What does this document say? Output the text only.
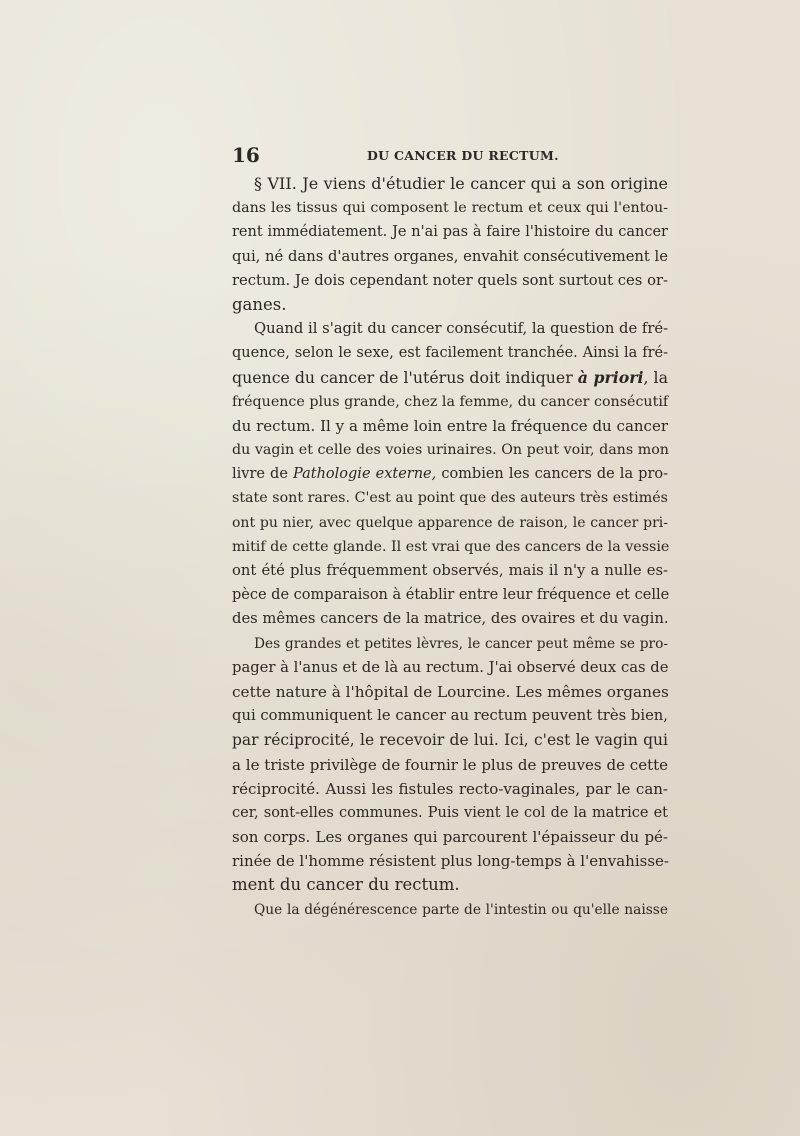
16	DU CANCER DU RECTUM.
§ VII. Je viens d'étudier le cancer qui a son origine
dans les tissus qui composent le rectum et ceux qui l'entou-
rent immédiatement. Je n'ai pas à faire l'histoire du cancer
qui, né dans d'autres organes, envahit consécutivement le
rectum. Je dois cependant noter quels sont surtout ces or-
ganes.
Quand il s'agit du cancer consécutif, la question de fré-
quence, selon le sexe, est facilement tranchée. Ainsi la fré-
quence du cancer de l'utérus doit indiquer à priori, la
fréquence plus grande, chez la femme, du cancer consécutif
du rectum. Il y a même loin entre la fréquence du cancer
du vagin et celle des voies urinaires. On peut voir, dans mon
livre de Pathologie externe, combien les cancers de la pro-
state sont rares. C'est au point que des auteurs très estimés
ont pu nier, avec quelque apparence de raison, le cancer pri-
mitif de cette glande. Il est vrai que des cancers de la vessie
ont été plus fréquemment observés, mais il n'y a nulle es-
pèce de comparaison à établir entre leur fréquence et celle
des mêmes cancers de la matrice, des ovaires et du vagin.
Des grandes et petites lèvres, le cancer peut même se pro-
pager à l'anus et de là au rectum. J'ai observé deux cas de
cette nature à l'hôpital de Lourcine. Les mêmes organes
qui communiquent le cancer au rectum peuvent très bien,
par réciprocité, le recevoir de lui. Ici, c'est le vagin qui
a le triste privilège de fournir le plus de preuves de cette
réciprocité. Aussi les fistules recto-vaginales, par le can-
cer, sont-elles communes. Puis vient le col de la matrice et
son corps. Les organes qui parcourent l'épaisseur du pé-
rinée de l'homme résistent plus long-temps à l'envahisse-
ment du cancer du rectum.
Que la dégénérescence parte de l'intestin ou qu'elle naisse
